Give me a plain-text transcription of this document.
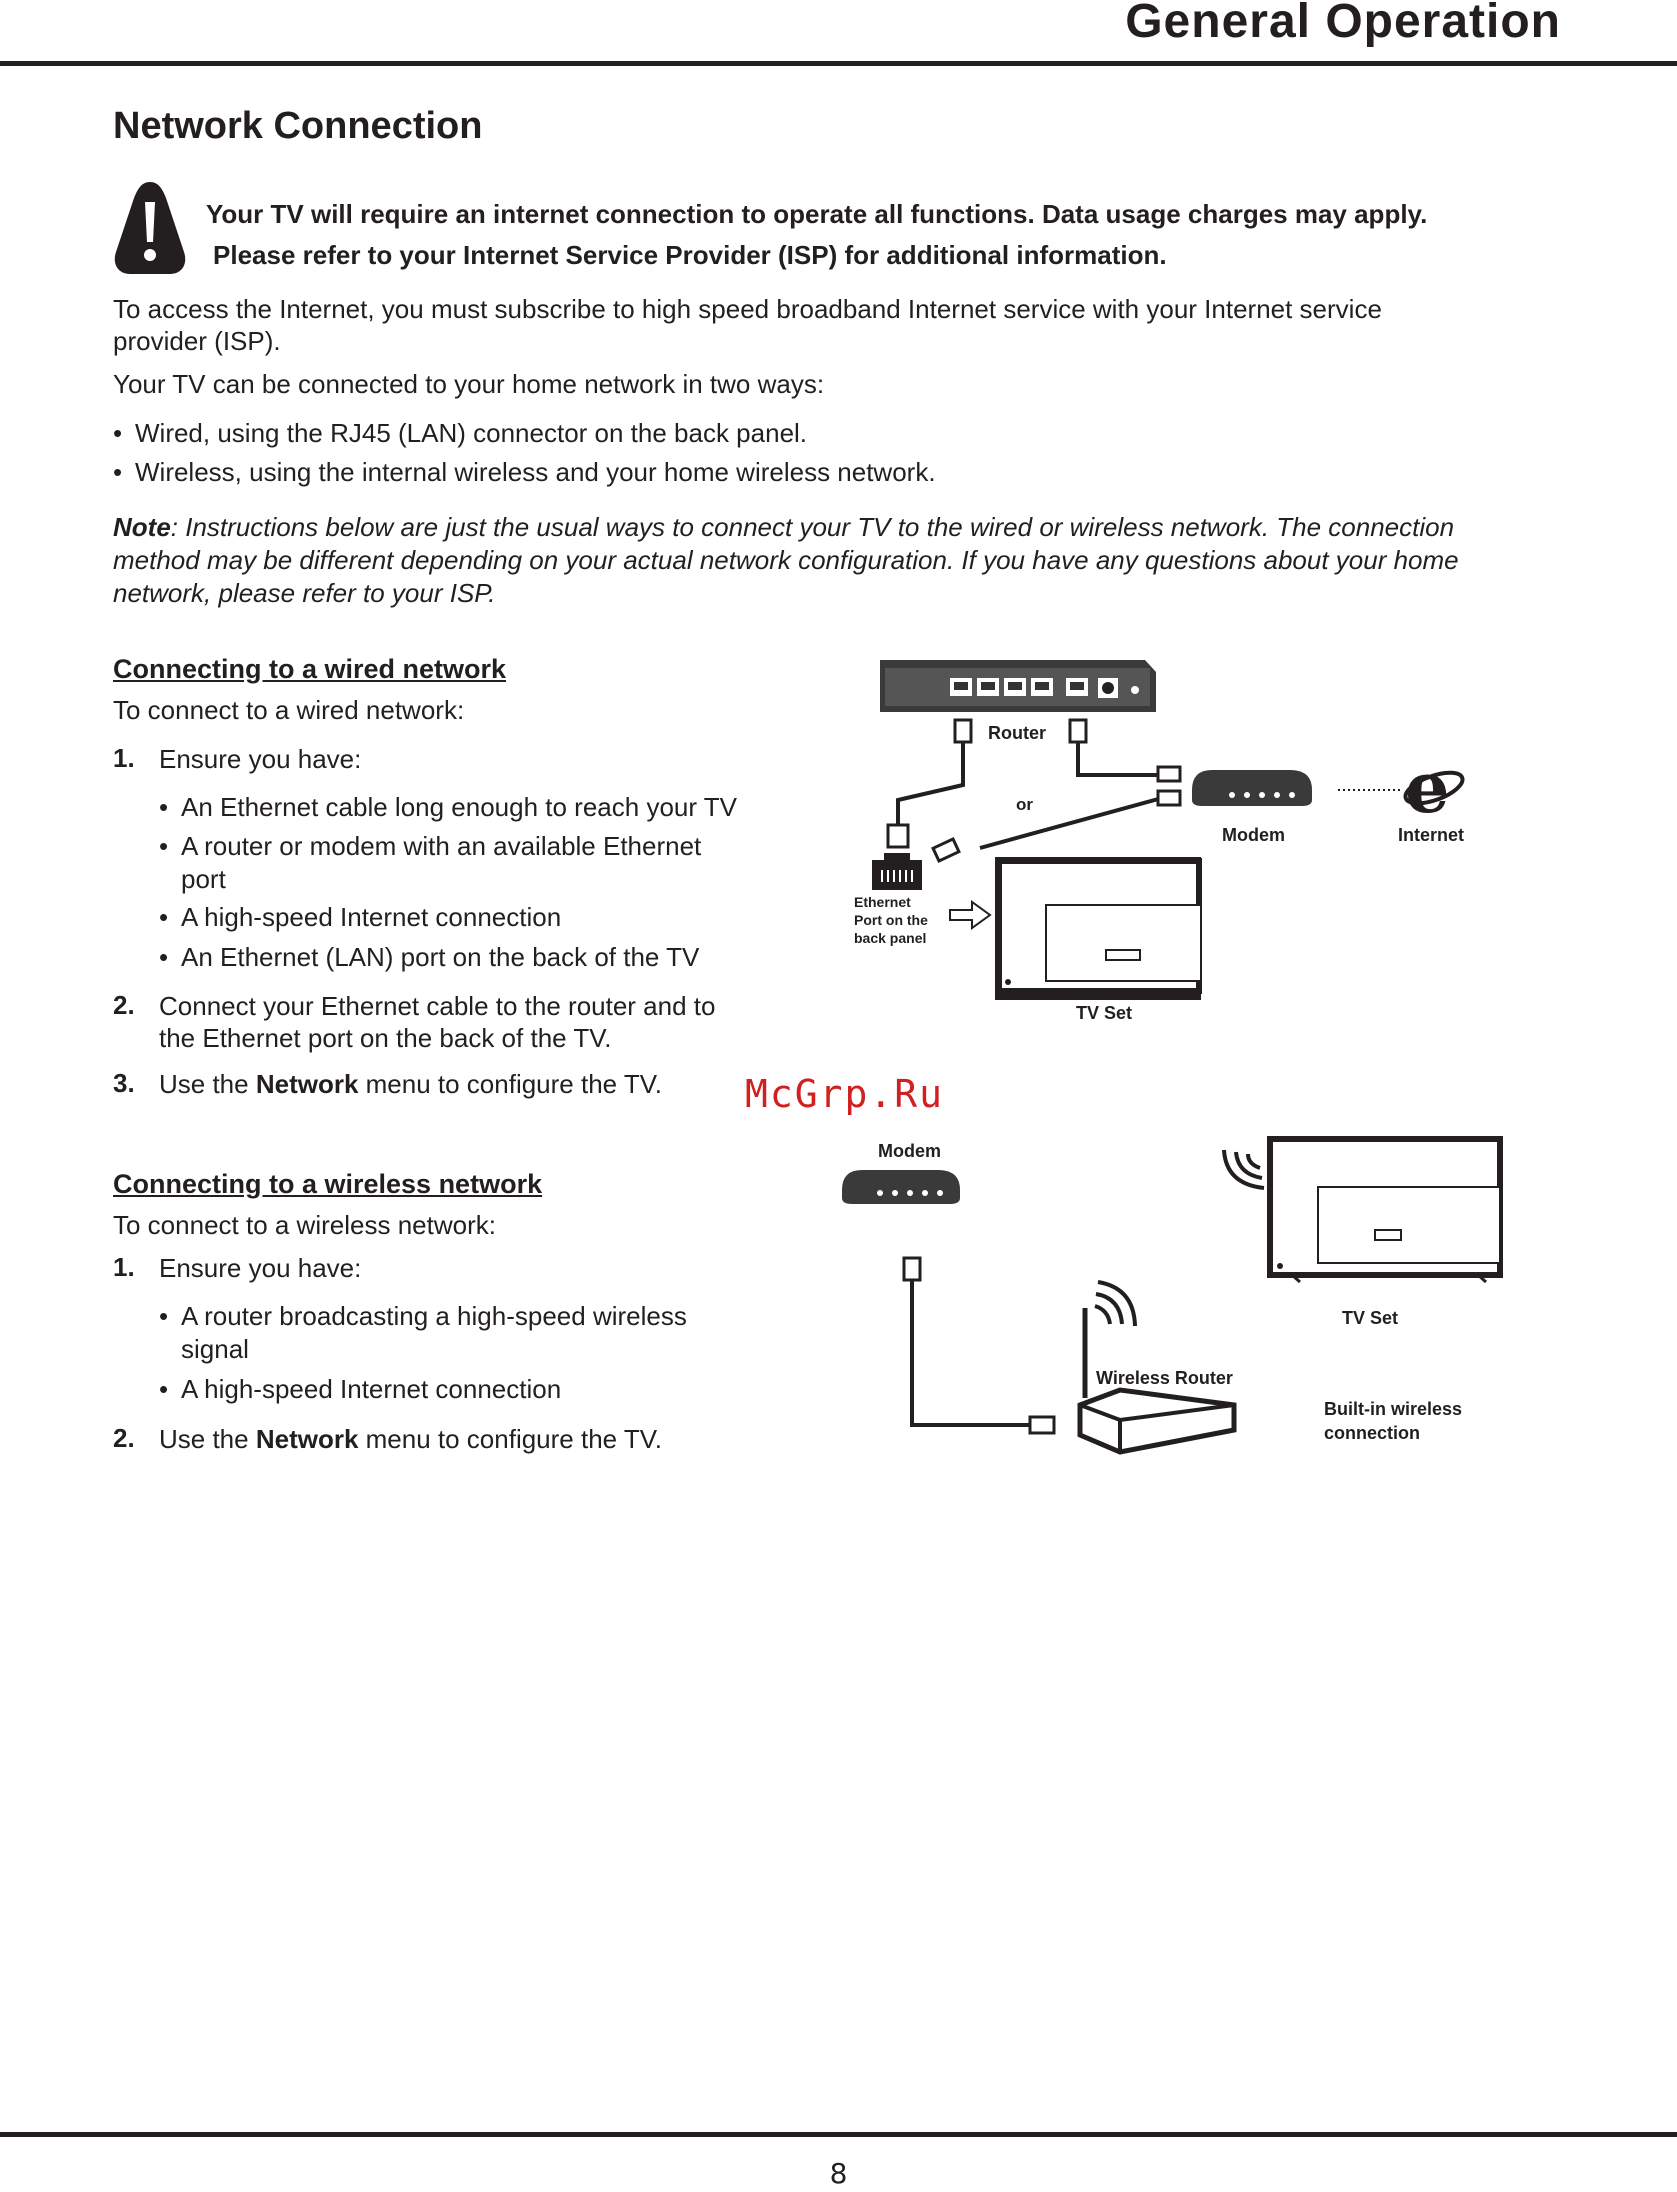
General Operation
Network Connection
Your TV will require an internet connection to operate all functions. Data usage charges may apply.
Please refer to your Internet Service Provider (ISP) for additional information.
To access the Internet, you must subscribe to high speed broadband Internet service with your Internet service
provider (ISP).
Your TV can be connected to your home network in two ways:
• Wired, using the RJ45 (LAN) connector on the back panel.
• Wireless, using the internal wireless and your home wireless network.
Note: Instructions below are just the usual ways to connect your TV to the wired or wireless network. The connection
method may be different depending on your actual network configuration. If you have any questions about your home
network, please refer to your ISP.
Connecting to a wired network
To connect to a wired network:
1. Ensure you have:
• An Ethernet cable long enough to reach your TV
• A router or modem with an available Ethernet
port
• A high-speed Internet connection
• An Ethernet (LAN) port on the back of the TV
2. Connect your Ethernet cable to the router and to
the Ethernet port on the back of the TV.
3. Use the Network menu to configure the TV. McGrp.Ru
Router
or
Modem
e
Internet
Ethernet
Port on the
back panel
TV Set
Connecting to a wireless network
To connect to a wireless network:
1. Ensure you have:
• A router broadcasting a high-speed wireless
signal
• A high-speed Internet connection
2. Use the Network menu to configure the TV.
Modem
Wireless Router
TV Set
Built-in wireless
connection
8
